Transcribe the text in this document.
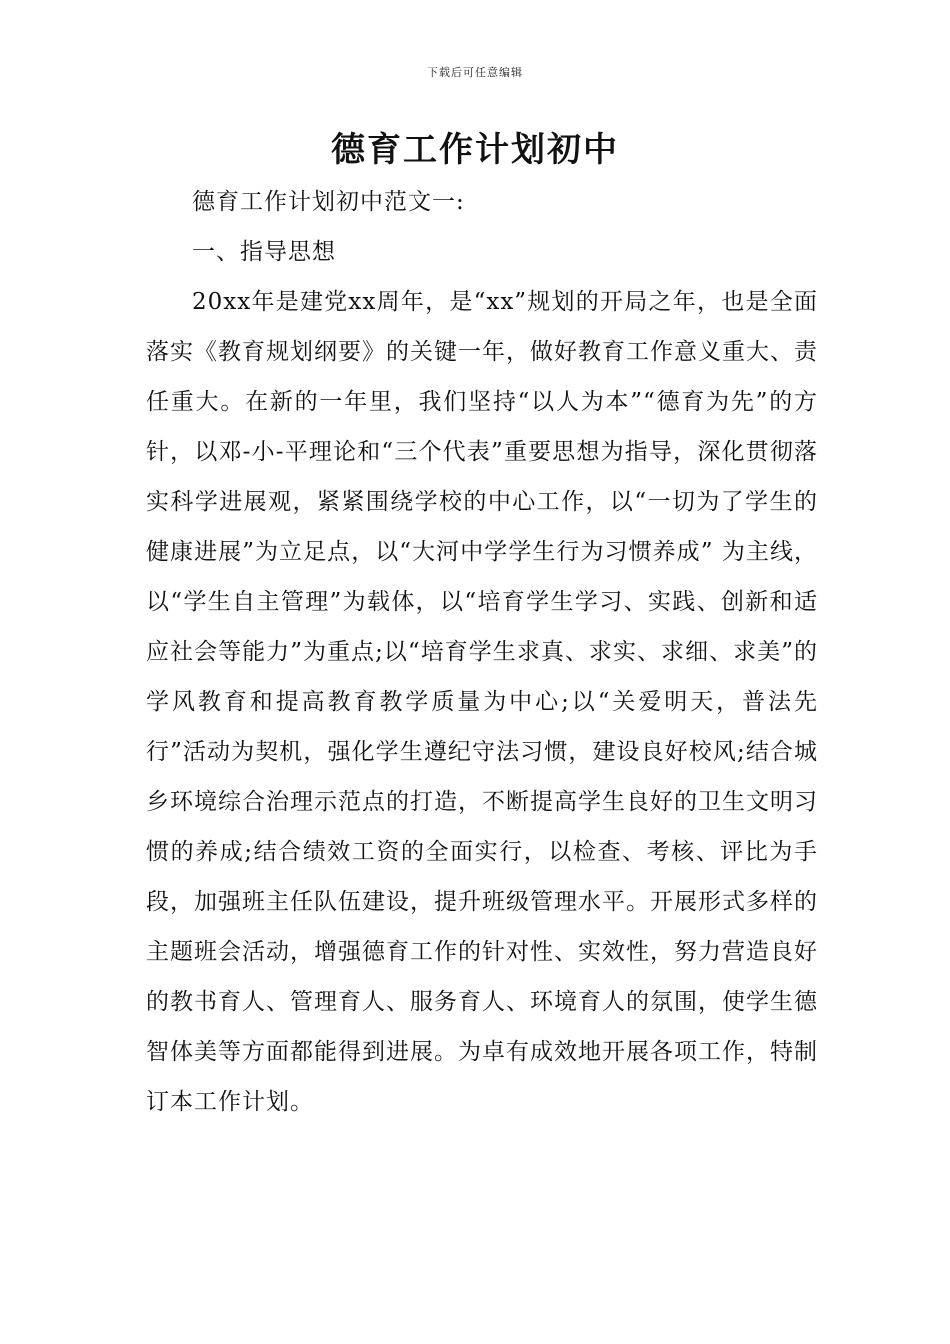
下载后可任意编辑
德育工作计划初中

德育工作计划初中范文一:

一、指导思想

20xx年是建党xx周年，是“xx”规划的开局之年，也是全面落实《教育规划纲要》的关键一年，做好教育工作意义重大、责任重大。在新的一年里，我们坚持“以人为本”“德育为先”的方针，以邓-小-平理论和“三个代表”重要思想为指导，深化贯彻落实科学进展观，紧紧围绕学校的中心工作，以“一切为了学生的健康进展”为立足点，以“大河中学学生行为习惯养成” 为主线，以“学生自主管理”为载体，以“培育学生学习、实践、创新和适应社会等能力”为重点;以“培育学生求真、求实、求细、求美”的学风教育和提高教育教学质量为中心;以“关爱明天，普法先行”活动为契机，强化学生遵纪守法习惯，建设良好校风;结合城乡环境综合治理示范点的打造，不断提高学生良好的卫生文明习惯的养成;结合绩效工资的全面实行，以检查、考核、评比为手段，加强班主任队伍建设，提升班级管理水平。开展形式多样的主题班会活动，增强德育工作的针对性、实效性，努力营造良好的教书育人、管理育人、服务育人、环境育人的氛围，使学生德智体美等方面都能得到进展。为卓有成效地开展各项工作，特制订本工作计划。
